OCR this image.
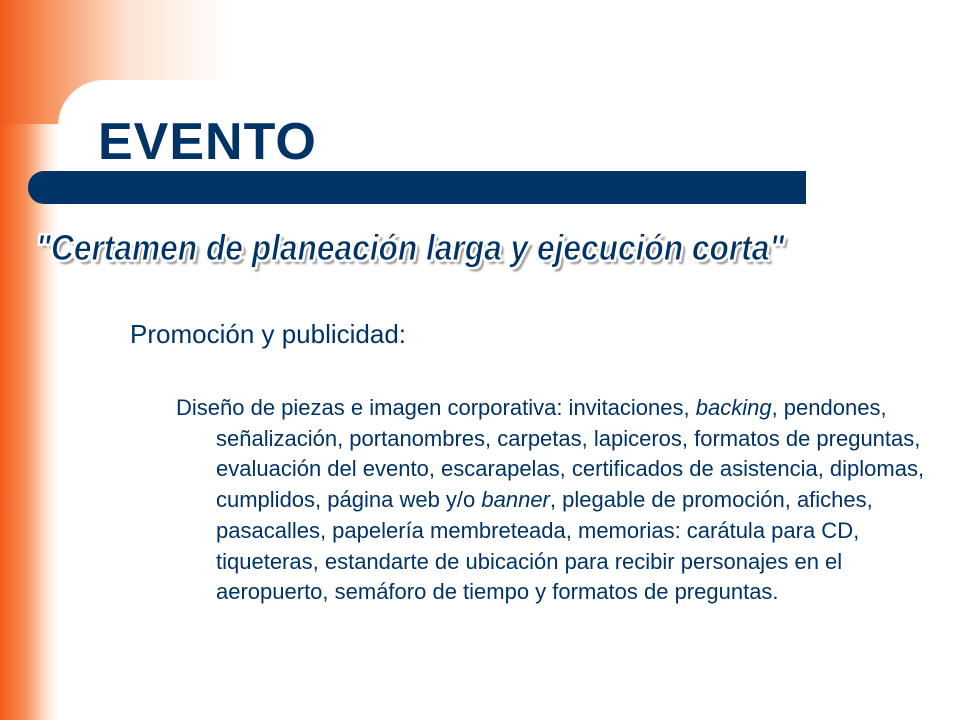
EVENTO
"Certamen de planeación larga y ejecución corta"
Promoción y publicidad:
Diseño de piezas e imagen corporativa: invitaciones, backing, pendones, señalización, portanombres, carpetas, lapiceros, formatos de preguntas, evaluación del evento, escarapelas, certificados de asistencia, diplomas, cumplidos, página web y/o banner, plegable de promoción, afiches, pasacalles, papelería membreteada, memorias: carátula para CD, tiqueteras, estandarte de ubicación para recibir personajes en el aeropuerto, semáforo de tiempo y formatos de preguntas.
